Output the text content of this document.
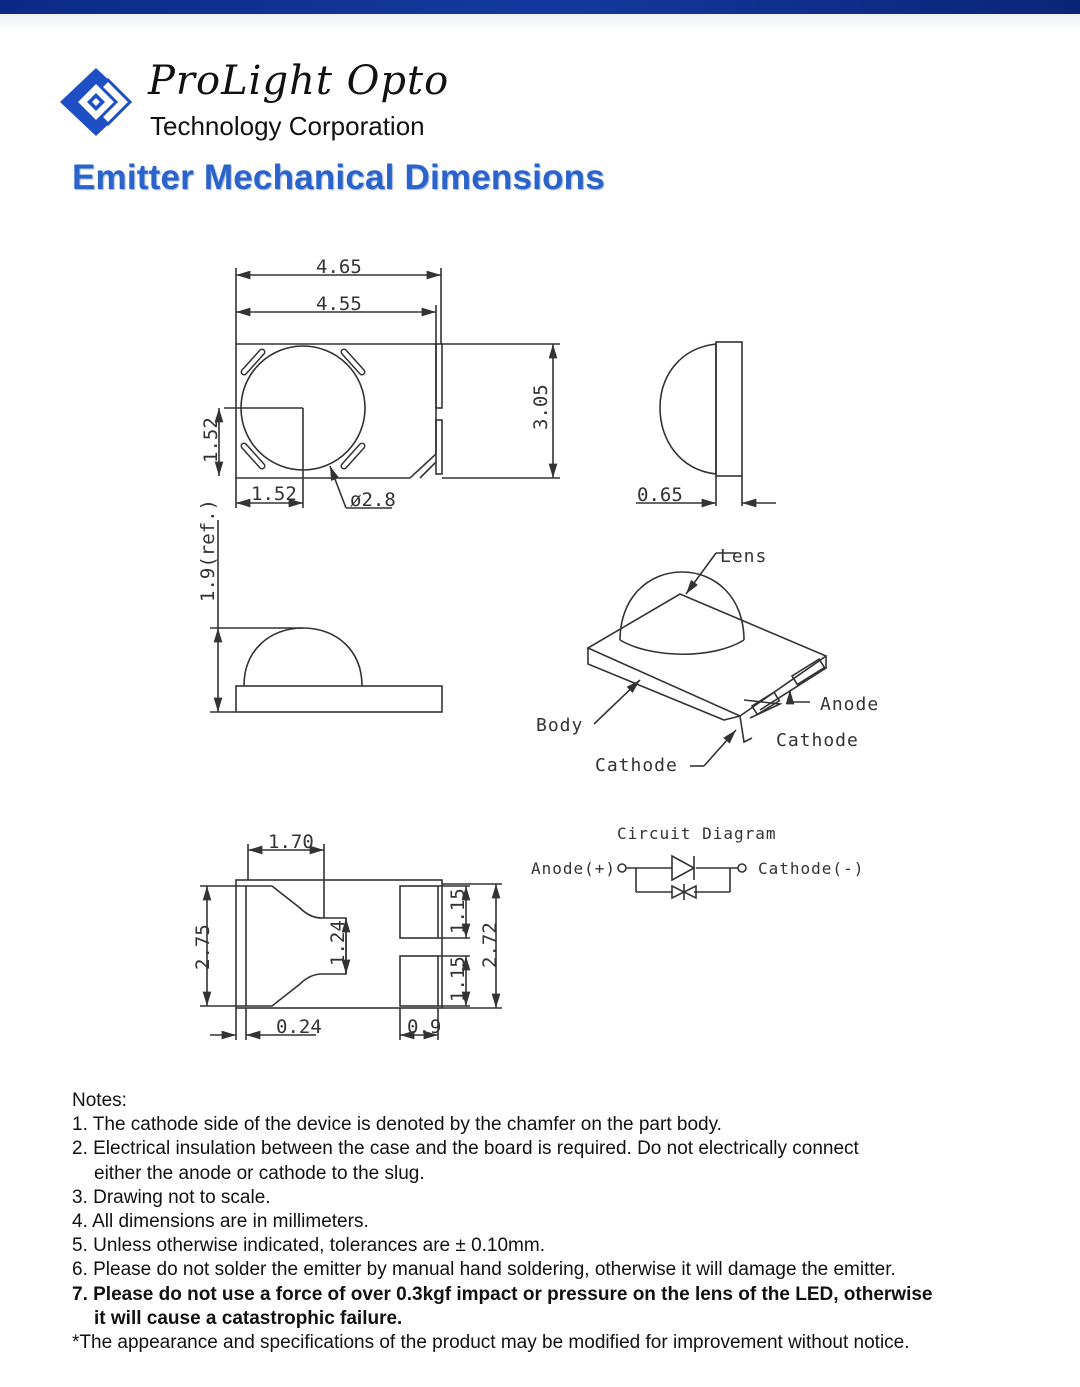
ProLight Opto
Technology Corporation
Emitter Mechanical Dimensions
4.65
4.55
3.05
1.52
1.52	ø2.8	0.65
1.9(ref.)	Lens
Body
Anode
Cathode
Cathode
1.70
2.75	1.24
1.15
1.15
2.72
0.24	0.9
Circuit Diagram
Anode(+)	Cathode(-)
Notes:
1. The cathode side of the device is denoted by the chamfer on the part body.
2. Electrical insulation between the case and the board is required. Do not electrically connect
either the anode or cathode to the slug.
3. Drawing not to scale.
4. All dimensions are in millimeters.
5. Unless otherwise indicated, tolerances are ± 0.10mm.
6. Please do not solder the emitter by manual hand soldering, otherwise it will damage the emitter.
7. Please do not use a force of over 0.3kgf impact or pressure on the lens of the LED, otherwise
it will cause a catastrophic failure.
*The appearance and specifications of the product may be modified for improvement without notice.
